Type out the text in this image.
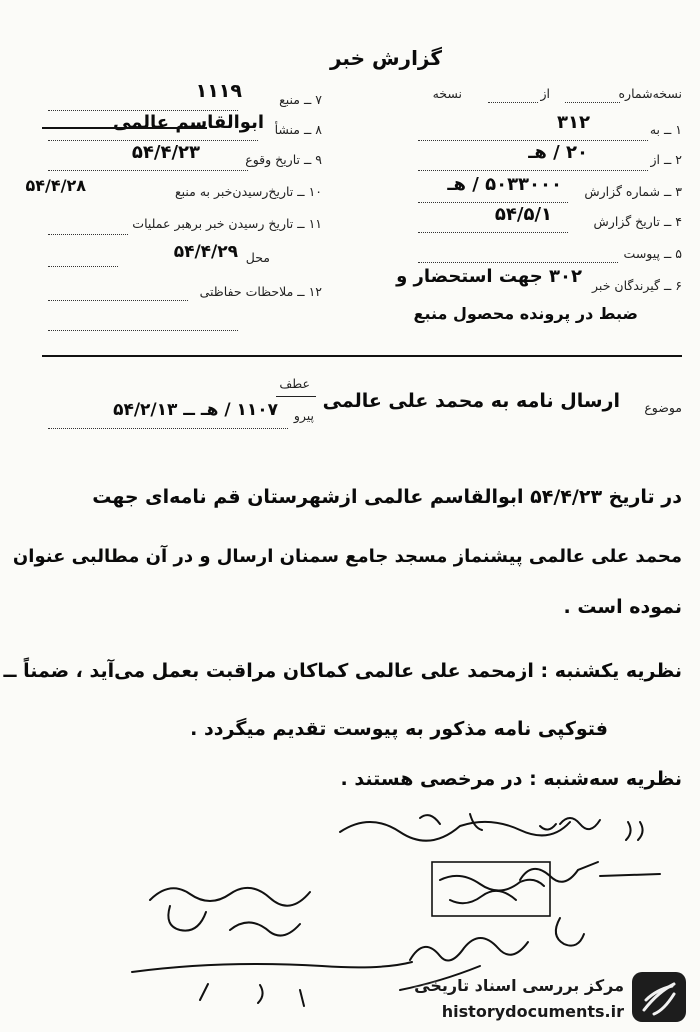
گزارش خبر
نسخه‌شماره
از
نسخه
۱ ــ به
۳۱۲
۲ ــ از
۲۰ / هـ
۳ ــ شماره گزارش
۵۰۳۳۰۰۰ / هـ
۴ ــ تاریخ گزارش
۵۴/۵/۱
۵ ــ پیوست
۶ ــ گیرندگان خبر
۳۰۲ جهت استحضار و
ضبط در پرونده محصول منبع
۷ ــ منبع
۱۱۱۹
۸ ــ منشأ
ابوالقاسم عالمی
۹ ــ تاریخ وقوع
۵۴/۴/۲۳
۱۰ ــ تاریخ‌رسیدن‌خبر به منبع
۵۴/۴/۲۸
۱۱ ــ تاریخ رسیدن خبر برهبر عملیات
محل
۵۴/۴/۲۹
۱۲ ــ ملاحظات حفاظتی
موضوع
ارسال نامه به محمد علی عالمی
عطف
پیرو
۱۱۰۷ / هـ ــ ۵۴/۲/۱۳
در تاریخ ۵۴/۴/۲۳ ابوالقاسم عالمی ازشهرستان قم نامه‌ای جهت
محمد علی عالمی پیشنماز مسجد جامع سمنان ارسال و در آن مطالبی عنوان
نموده است .
نظریه یکشنبه : ازمحمد علی عالمی کماکان مراقبت بعمل می‌آید ، ضمناً ــ
فتوکپی نامه مذکور به پیوست تقدیم میگردد .
نظریه سه‌شنبه : در مرخصی هستند .
مرکز بررسی اسناد تاریخی
historydocuments.ir
